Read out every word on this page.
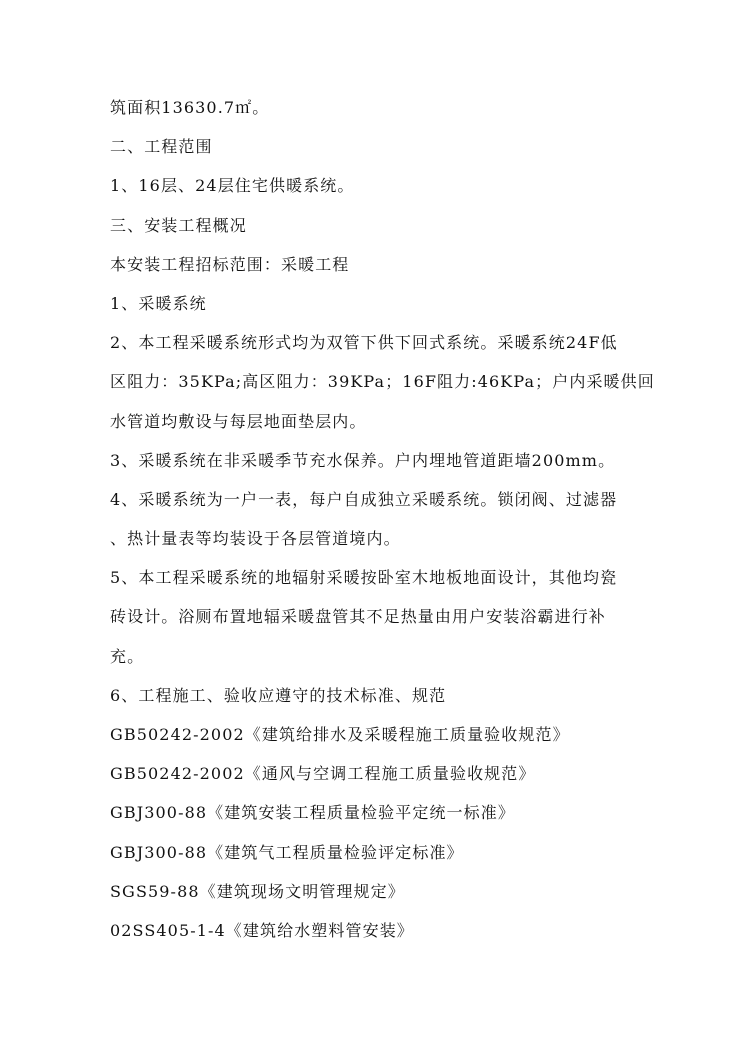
筑面积13630.7㎡。
二、工程范围
1、16层、24层住宅供暖系统。
三、安装工程概况
本安装工程招标范围：采暖工程
1、采暖系统
2、本工程采暖系统形式均为双管下供下回式系统。采暖系统24F低
区阻力：35KPa;高区阻力：39KPa；16F阻力:46KPa；户内采暖供回
水管道均敷设与每层地面垫层内。
3、采暖系统在非采暖季节充水保养。户内埋地管道距墙200mm。
4、采暖系统为一户一表，每户自成独立采暖系统。锁闭阀、过滤器
、热计量表等均装设于各层管道境内。
5、本工程采暖系统的地辐射采暖按卧室木地板地面设计，其他均瓷
砖设计。浴厕布置地辐采暖盘管其不足热量由用户安装浴霸进行补
充。
6、工程施工、验收应遵守的技术标准、规范
GB50242-2002《建筑给排水及采暖程施工质量验收规范》
GB50242-2002《通风与空调工程施工质量验收规范》
GBJ300-88《建筑安装工程质量检验平定统一标准》
GBJ300-88《建筑气工程质量检验评定标准》
SGS59-88《建筑现场文明管理规定》
02SS405-1-4《建筑给水塑料管安装》
